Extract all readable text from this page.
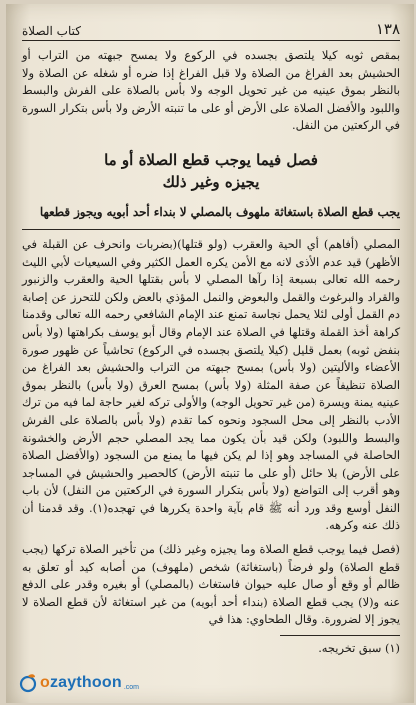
١٣٨
كتاب الصلاة

بمقص ثوبه كيلا يلتصق بجسده في الركوع ولا يمسح جبهته من التراب أو الحشيش بعد الفراغ من الصلاة ولا قبل الفراغ إذا ضره أو شغله عن الصلاة ولا بالنظر بموق عينيه من غير تحويل الوجه ولا بأس بالصلاة على الفرش والبسط واللبود والأفضل الصلاة على الأرض أو على ما تنبته الأرض ولا بأس بتكرار السورة في الركعتين من النفل.

فصل فيما يوجب قطع الصلاة أو ما
يجيزه وغير ذلك

يجب قطع الصلاة باستغاثة ملهوف بالمصلي لا بنداء أحد أبويه ويجوز قطعها

المصلي (أفاهم) أي الحية والعقرب (ولو قتلها)(بضربات وانحرف عن القبلة في الأظهر) قيد عدم الأذى لانه مع الأمن يكره العمل الكثير وفي السيعيات لأبي الليث رحمه الله تعالى بسبعة إذا رآها المصلي لا بأس بقتلها الحية والعقرب والزنبور والقراد والبرغوث والقمل والبعوض والنمل المؤذي بالعض ولكن للتحرز عن إصابة دم القمل أولى لئلا يحمل نجاسة تمنع عند الإمام الشافعي رحمه الله تعالى وقدمنا كراهة أخذ القملة وقتلها في الصلاة عند الإمام وقال أبو يوسف بكراهتها (ولا بأس بنفض ثوبه) بعمل قليل (كيلا يلتصق بجسده في الركوع) تحاشياً عن ظهور صورة الأعضاء والأليتين (ولا بأس) بمسح جبهته من التراب والحشيش بعد الفراغ من الصلاة تنظيفاً عن صفة المثلة (ولا بأس) بمسح العرق (ولا بأس) بالنظر بموق عينيه يمنة ويسرة (من غير تحويل الوجه) والأولى تركه لغير حاجة لما فيه من ترك الأدب بالنظر إلى محل السجود ونحوه كما تقدم (ولا بأس بالصلاة على الفرش والبسط واللبود) ولكن قيد بأن يكون مما يجد المصلي حجم الأرض والخشونة الحاصلة في المساجد وهو إذا لم يكن فيها ما يمنع من السجود (والأفضل الصلاة على الأرض) بلا حائل (أو على ما تنبته الأرض) كالحصير والحشيش في المساجد وهو أقرب إلى التواضع (ولا بأس بتكرار السورة في الركعتين من النفل) لأن باب النفل أوسع وقد ورد أنه ﷺ قام بآية واحدة يكررها في تهجده(١). وقد قدمنا أن ذلك عنه وكرهه.

(فصل فيما يوجب قطع الصلاة وما يجيزه وغير ذلك) من تأخير الصلاة تركها (يجب قطع الصلاة) ولو فرضاً (باستغاثة) شخص (ملهوف) من أصابه كيد أو تعلق به ظالم أو وقع أو صال عليه حيوان فاستغاث (بالمصلي) أو بغيره وقدر على الدفع عنه و(لا) يجب قطع الصلاة (بنداء أحد أبويه) من غير استغاثة لأن قطع الصلاة لا يجوز إلا لضرورة. وقال الطحاوي: هذا في

(١) سبق تخريجه.

ozaythoon .com
